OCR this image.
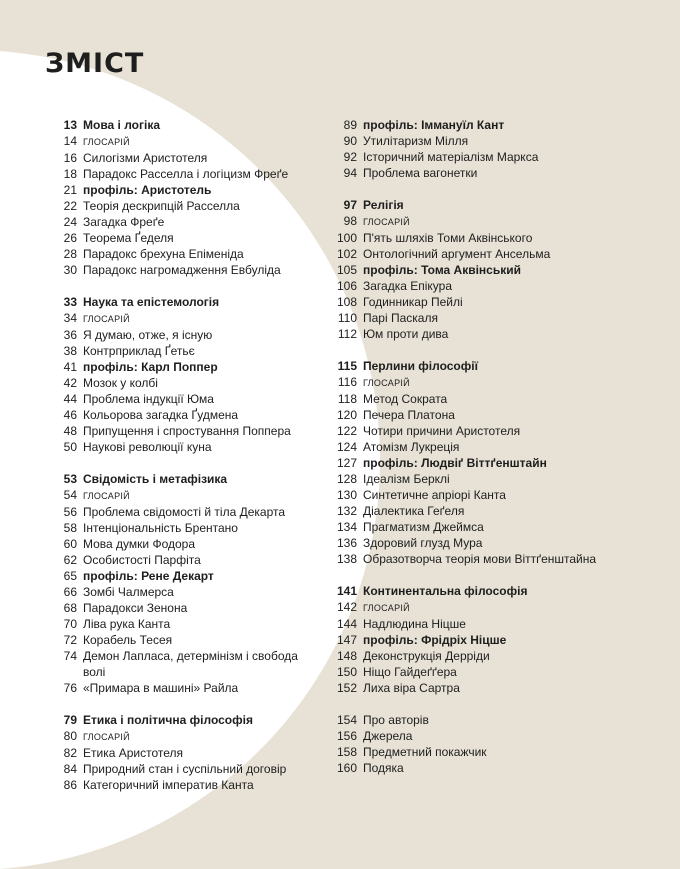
ЗМІСТ
13 Мова і логіка
14 ГЛОСАРІЙ
16 Силогізми Аристотеля
18 Парадокс Расселла і логіцизм Фреґе
21 профіль: Аристотель
22 Теорія дескрипцій Расселла
24 Загадка Фреґе
26 Теорема Ґеделя
28 Парадокс брехуна Епіменіда
30 Парадокс нагромадження Евбуліда
33 Наука та епістемологія
34 ГЛОСАРІЙ
36 Я думаю, отже, я існую
38 Контрприклад Ґетьє
41 профіль: Карл Поппер
42 Мозок у колбі
44 Проблема індукції Юма
46 Кольорова загадка Ґудмена
48 Припущення і спростування Поппера
50 Наукові революції куна
53 Свідомість і метафізика
54 ГЛОСАРІЙ
56 Проблема свідомості й тіла Декарта
58 Інтенціональність Брентано
60 Мова думки Фодора
62 Особистості Парфіта
65 профіль: Рене Декарт
66 Зомбі Чалмерса
68 Парадокси Зенона
70 Ліва рука Канта
72 Корабель Тесея
74 Демон Лапласа, детермінізм і свобода волі
76 «Примара в машині» Райла
79 Етика і політична філософія
80 ГЛОСАРІЙ
82 Етика Аристотеля
84 Природний стан і суспільний договір
86 Категоричний імператив Канта
89 профіль: Іммануїл Кант
90 Утилітаризм Мілля
92 Історичний матеріалізм Маркса
94 Проблема вагонетки
97 Релігія
98 ГЛОСАРІЙ
100 П'ять шляхів Томи Аквінського
102 Онтологічний аргумент Ансельма
105 профіль: Тома Аквінський
106 Загадка Епікура
108 Годинникар Пейлі
110 Парі Паскаля
112 Юм проти дива
115 Перлини філософії
116 ГЛОСАРІЙ
118 Метод Сократа
120 Печера Платона
122 Чотири причини Аристотеля
124 Атомізм Лукреція
127 профіль: Людвіґ Віттґенштайн
128 Ідеалізм Берклі
130 Синтетичне апріорі Канта
132 Діалектика Геґеля
134 Прагматизм Джеймса
136 Здоровий глузд Мура
138 Образотворча теорія мови Віттґенштайна
141 Континентальна філософія
142 ГЛОСАРІЙ
144 Надлюдина Ніцше
147 профіль: Фрідріх Ніцше
148 Деконструкція Дерріди
150 Ніщо Гайдеґґера
152 Лиха віра Сартра
154 Про авторів
156 Джерела
158 Предметний покажчик
160 Подяка
